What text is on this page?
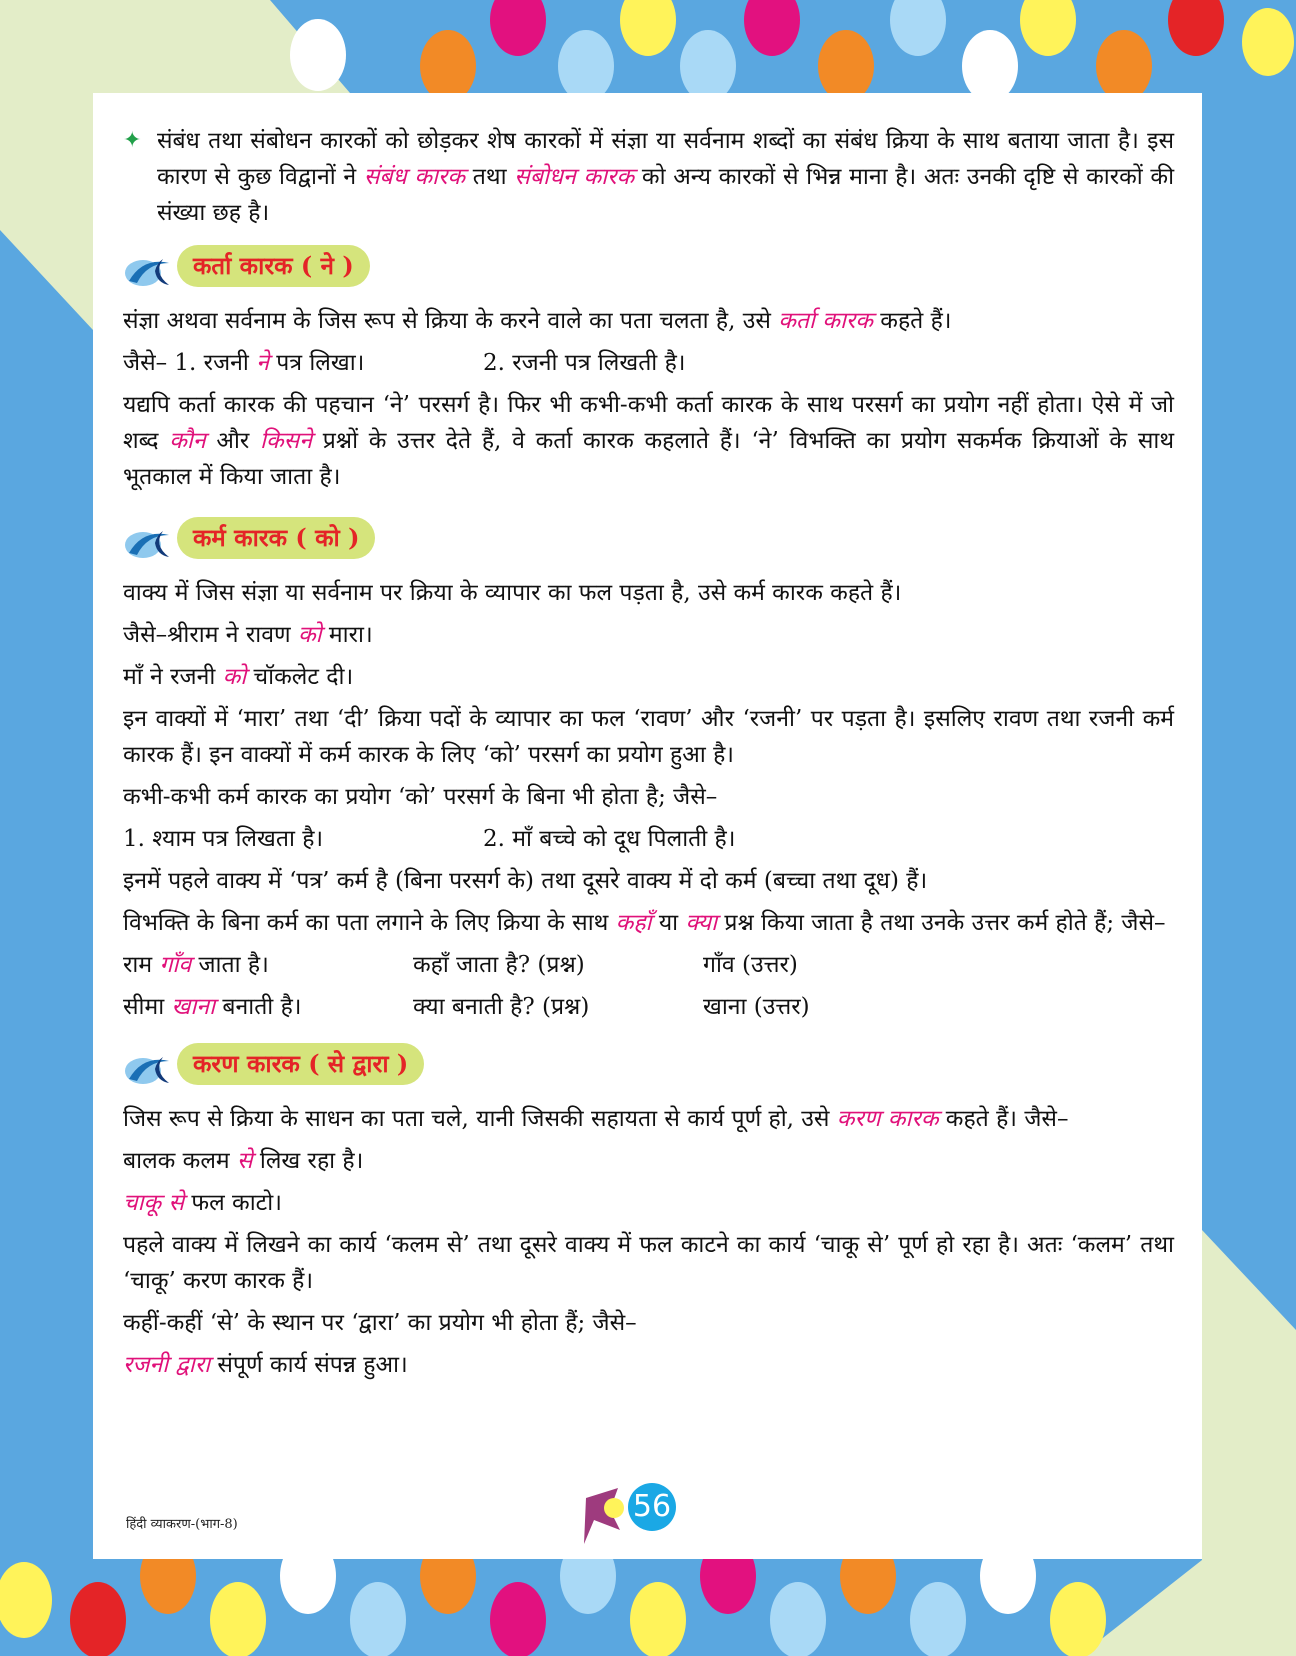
✦ संबंध तथा संबोधन कारकों को छोड़कर शेष कारकों में संज्ञा या सर्वनाम शब्दों का संबंध क्रिया के साथ बताया जाता है। इस कारण से कुछ विद्वानों ने संबंध कारक तथा संबोधन कारक को अन्य कारकों से भिन्न माना है। अतः उनकी दृष्टि से कारकों की संख्या छह है।
कर्ता कारक ( ने )

संज्ञा अथवा सर्वनाम के जिस रूप से क्रिया के करने वाले का पता चलता है, उसे कर्ता कारक कहते हैं।

जैसे– 1. रजनी ने पत्र लिखा।	2. रजनी पत्र लिखती है।

यद्यपि कर्ता कारक की पहचान ‘ने’ परसर्ग है। फिर भी कभी-कभी कर्ता कारक के साथ परसर्ग का प्रयोग नहीं होता। ऐसे में जो शब्द कौन और किसने प्रश्नों के उत्तर देते हैं, वे कर्ता कारक कहलाते हैं। ‘ने’ विभक्ति का प्रयोग सकर्मक क्रियाओं के साथ भूतकाल में किया जाता है।

कर्म कारक ( को )

वाक्य में जिस संज्ञा या सर्वनाम पर क्रिया के व्यापार का फल पड़ता है, उसे कर्म कारक कहते हैं।

जैसे–श्रीराम ने रावण को मारा।

माँ ने रजनी को चॉकलेट दी।

इन वाक्यों में ‘मारा’ तथा ‘दी’ क्रिया पदों के व्यापार का फल ‘रावण’ और ‘रजनी’ पर पड़ता है। इसलिए रावण तथा रजनी कर्म कारक हैं। इन वाक्यों में कर्म कारक के लिए ‘को’ परसर्ग का प्रयोग हुआ है।

कभी-कभी कर्म कारक का प्रयोग ‘को’ परसर्ग के बिना भी होता है; जैसे–

1. श्याम पत्र लिखता है।	2. माँ बच्चे को दूध पिलाती है।

इनमें पहले वाक्य में ‘पत्र’ कर्म है (बिना परसर्ग के) तथा दूसरे वाक्य में दो कर्म (बच्चा तथा दूध) हैं।

विभक्ति के बिना कर्म का पता लगाने के लिए क्रिया के साथ कहाँ या क्या प्रश्न किया जाता है तथा उनके उत्तर कर्म होते हैं; जैसे–

राम गाँव जाता है।	कहाँ जाता है? (प्रश्न)	गाँव (उत्तर)
सीमा खाना बनाती है।	क्या बनाती है? (प्रश्न)	खाना (उत्तर)
करण कारक ( से द्वारा )

जिस रूप से क्रिया के साधन का पता चले, यानी जिसकी सहायता से कार्य पूर्ण हो, उसे करण कारक कहते हैं। जैसे–

बालक कलम से लिख रहा है।

चाकू से फल काटो।

पहले वाक्य में लिखने का कार्य ‘कलम से’ तथा दूसरे वाक्य में फल काटने का कार्य ‘चाकू से’ पूर्ण हो रहा है। अतः ‘कलम’ तथा ‘चाकू’ करण कारक हैं।

कहीं-कहीं ‘से’ के स्थान पर ‘द्वारा’ का प्रयोग भी होता हैं; जैसे–

रजनी द्वारा संपूर्ण कार्य संपन्न हुआ।

हिंदी व्याकरण-(भाग-8)
56
